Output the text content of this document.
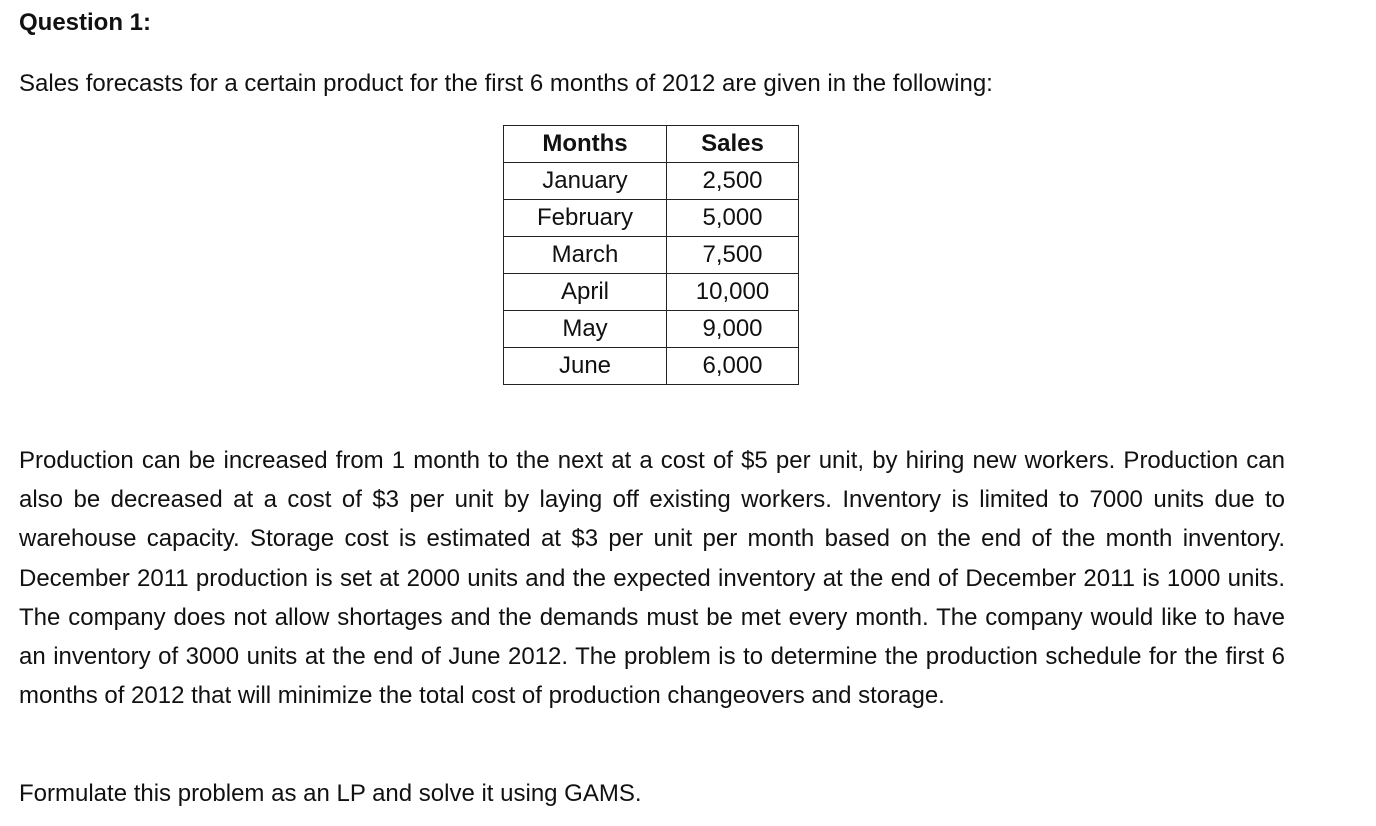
Question 1:

Sales forecasts for a certain product for the first 6 months of 2012 are given in the following:

Months	Sales
January	2,500
February	5,000
March	7,500
April	10,000
May	9,000
June	6,000

Production can be increased from 1 month to the next at a cost of $5 per unit, by hiring new workers. Production can also be decreased at a cost of $3 per unit by laying off existing workers. Inventory is limited to 7000 units due to warehouse capacity. Storage cost is estimated at $3 per unit per month based on the end of the month inventory. December 2011 production is set at 2000 units and the expected inventory at the end of December 2011 is 1000 units. The company does not allow shortages and the demands must be met every month. The company would like to have an inventory of 3000 units at the end of June 2012. The problem is to determine the production schedule for the first 6 months of 2012 that will minimize the total cost of production changeovers and storage.

Formulate this problem as an LP and solve it using GAMS.
